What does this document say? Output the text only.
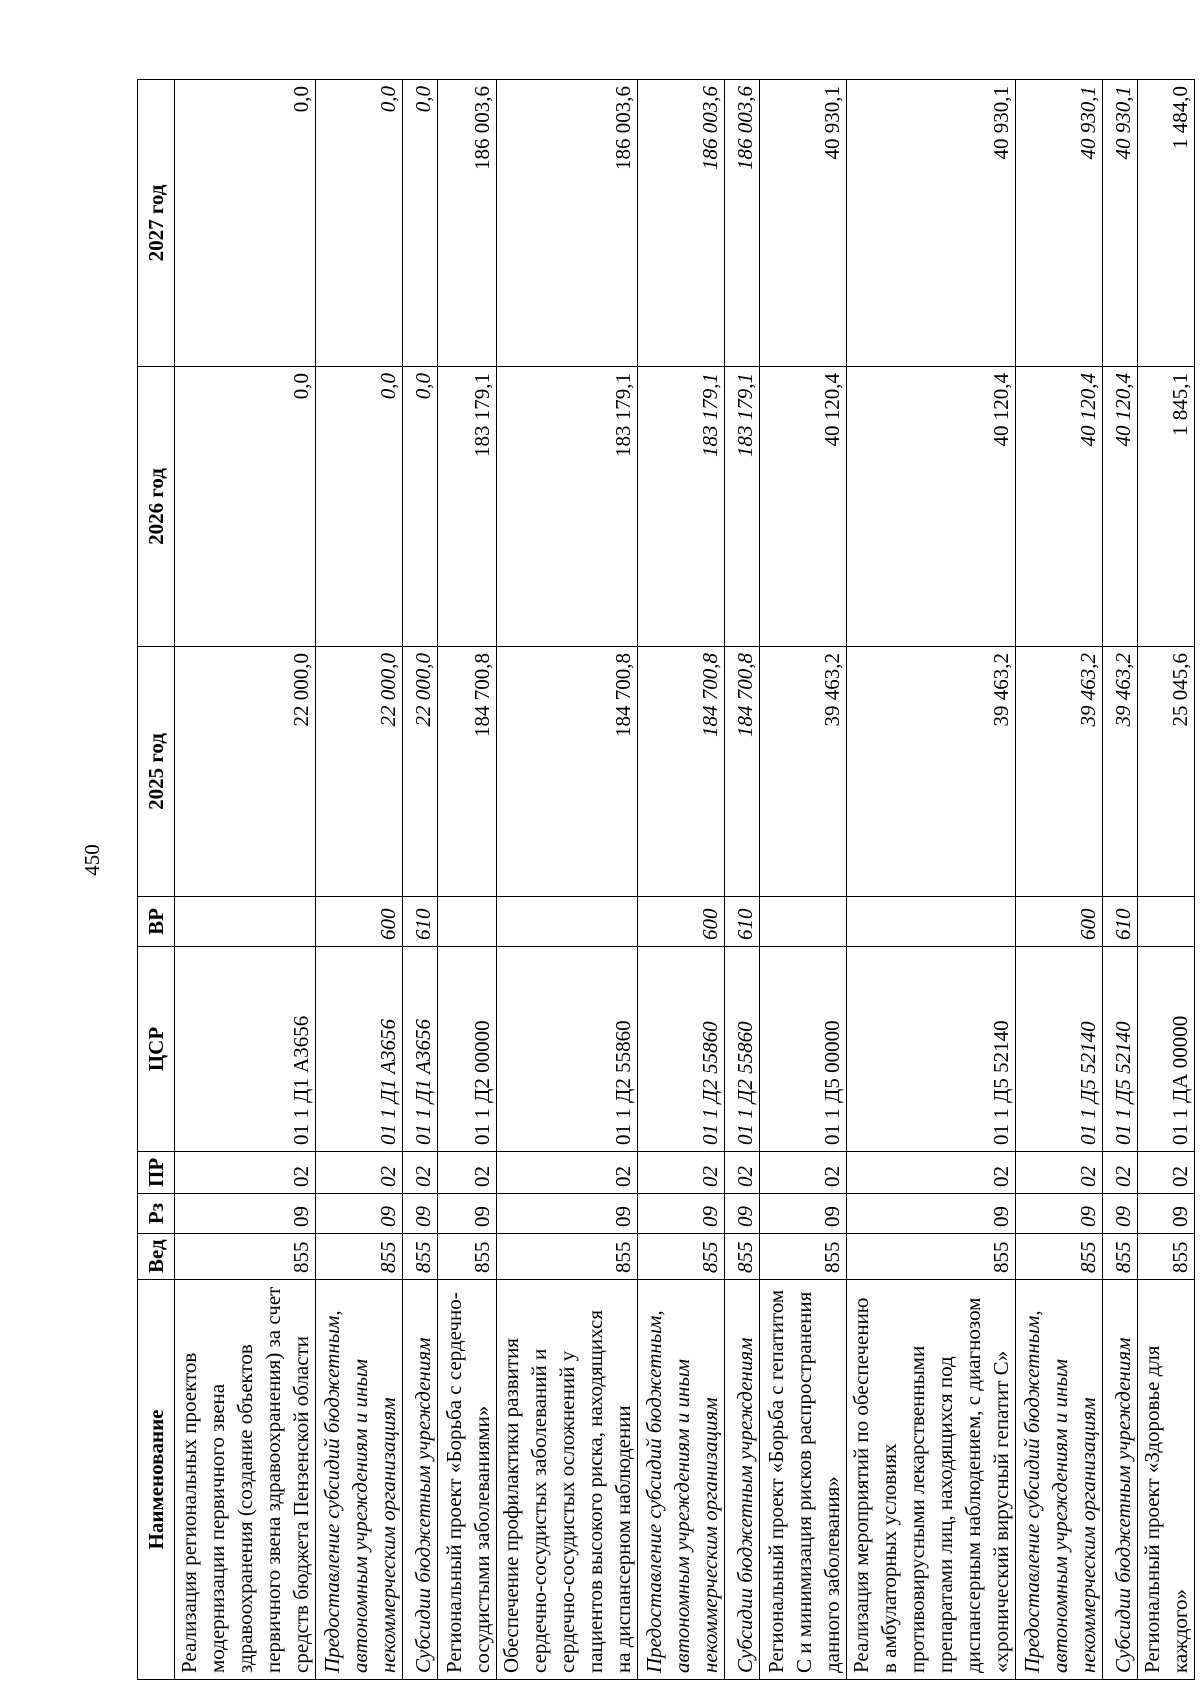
450
Наименование	Вед	Рз	ПР	ЦСР	ВР	2025 год	2026 год	2027 год
Реализация региональных проектов модернизации первичного звена здравоохранения (создание объектов первичного звена здравоохранения) за счет средств бюджета Пензенской области	855	09	02	01 1 Д1 А3656		22 000,0	0,0	0,0
Предоставление субсидий бюджетным, автономным учреждениям и иным некоммерческим организациям	855	09	02	01 1 Д1 А3656	600	22 000,0	0,0	0,0
Субсидии бюджетным учреждениям	855	09	02	01 1 Д1 А3656	610	22 000,0	0,0	0,0
Региональный проект «Борьба с сердечно-сосудистыми заболеваниями»	855	09	02	01 1 Д2 00000		184 700,8	183 179,1	186 003,6
Обеспечение профилактики развития сердечно-сосудистых заболеваний и сердечно-сосудистых осложнений у пациентов высокого риска, находящихся на диспансерном наблюдении	855	09	02	01 1 Д2 55860		184 700,8	183 179,1	186 003,6
Предоставление субсидий бюджетным, автономным учреждениям и иным некоммерческим организациям	855	09	02	01 1 Д2 55860	600	184 700,8	183 179,1	186 003,6
Субсидии бюджетным учреждениям	855	09	02	01 1 Д2 55860	610	184 700,8	183 179,1	186 003,6
Региональный проект «Борьба с гепатитом С и минимизация рисков распространения данного заболевания»	855	09	02	01 1 Д5 00000		39 463,2	40 120,4	40 930,1
Реализация мероприятий по обеспечению в амбулаторных условиях противовирусными лекарственными препаратами лиц, находящихся под диспансерным наблюдением, с диагнозом «хронический вирусный гепатит С»	855	09	02	01 1 Д5 52140		39 463,2	40 120,4	40 930,1
Предоставление субсидий бюджетным, автономным учреждениям и иным некоммерческим организациям	855	09	02	01 1 Д5 52140	600	39 463,2	40 120,4	40 930,1
Субсидии бюджетным учреждениям	855	09	02	01 1 Д5 52140	610	39 463,2	40 120,4	40 930,1
Региональный проект «Здоровье для каждого»	855	09	02	01 1 ДА 00000		25 045,6	1 845,1	1 484,0
